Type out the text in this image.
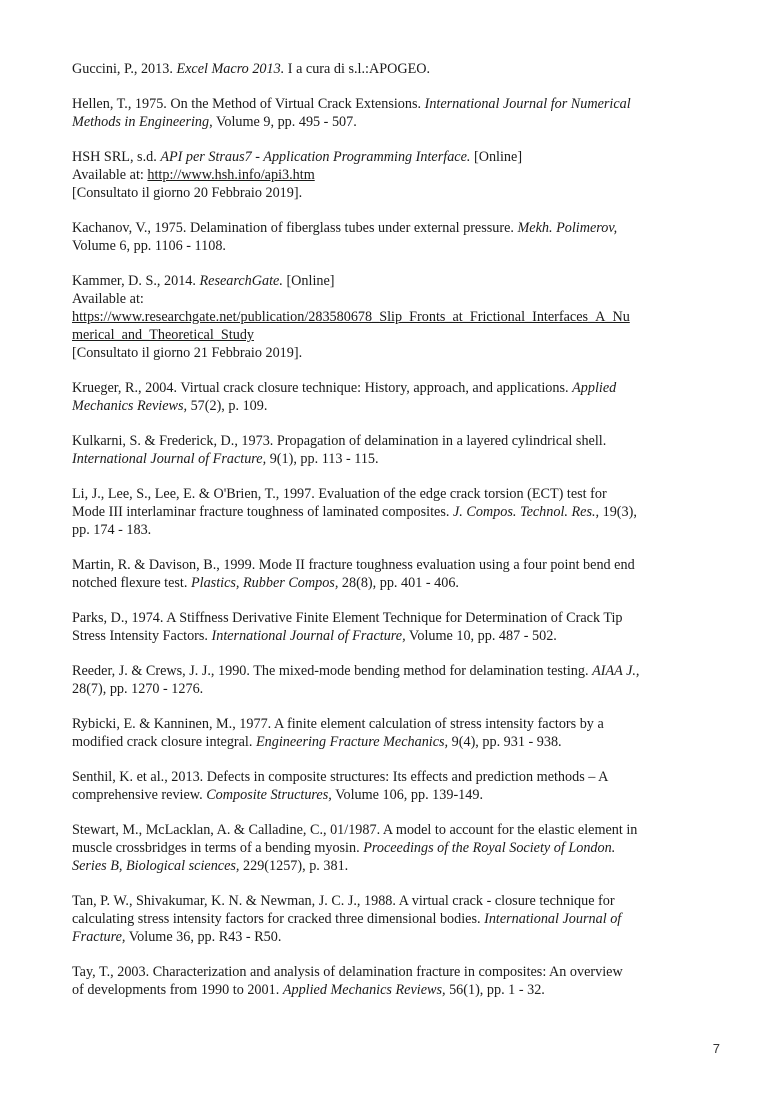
Guccini, P., 2013. Excel Macro 2013. I a cura di s.l.:APOGEO.
Hellen, T., 1975. On the Method of Virtual Crack Extensions. International Journal for Numerical
Methods in Engineering, Volume 9, pp. 495 - 507.
HSH SRL, s.d. API per Straus7 - Application Programming Interface. [Online]
Available at: http://www.hsh.info/api3.htm
[Consultato il giorno 20 Febbraio 2019].
Kachanov, V., 1975. Delamination of fiberglass tubes under external pressure. Mekh. Polimerov,
Volume 6, pp. 1106 - 1108.
Kammer, D. S., 2014. ResearchGate. [Online]
Available at:
https://www.researchgate.net/publication/283580678_Slip_Fronts_at_Frictional_Interfaces_A_Nu
merical_and_Theoretical_Study
[Consultato il giorno 21 Febbraio 2019].
Krueger, R., 2004. Virtual crack closure technique: History, approach, and applications. Applied
Mechanics Reviews, 57(2), p. 109.
Kulkarni, S. & Frederick, D., 1973. Propagation of delamination in a layered cylindrical shell.
International Journal of Fracture, 9(1), pp. 113 - 115.
Li, J., Lee, S., Lee, E. & O'Brien, T., 1997. Evaluation of the edge crack torsion (ECT) test for
Mode III interlaminar fracture toughness of laminated composites. J. Compos. Technol. Res., 19(3),
pp. 174 - 183.
Martin, R. & Davison, B., 1999. Mode II fracture toughness evaluation using a four point bend end
notched flexure test. Plastics, Rubber Compos, 28(8), pp. 401 - 406.
Parks, D., 1974. A Stiffness Derivative Finite Element Technique for Determination of Crack Tip
Stress Intensity Factors. International Journal of Fracture, Volume 10, pp. 487 - 502.
Reeder, J. & Crews, J. J., 1990. The mixed-mode bending method for delamination testing. AIAA J.,
28(7), pp. 1270 - 1276.
Rybicki, E. & Kanninen, M., 1977. A finite element calculation of stress intensity factors by a
modified crack closure integral. Engineering Fracture Mechanics, 9(4), pp. 931 - 938.
Senthil, K. et al., 2013. Defects in composite structures: Its effects and prediction methods – A
comprehensive review. Composite Structures, Volume 106, pp. 139-149.
Stewart, M., McLacklan, A. & Calladine, C., 01/1987. A model to account for the elastic element in
muscle crossbridges in terms of a bending myosin. Proceedings of the Royal Society of London.
Series B, Biological sciences, 229(1257), p. 381.
Tan, P. W., Shivakumar, K. N. & Newman, J. C. J., 1988. A virtual crack - closure technique for
calculating stress intensity factors for cracked three dimensional bodies. International Journal of
Fracture, Volume 36, pp. R43 - R50.
Tay, T., 2003. Characterization and analysis of delamination fracture in composites: An overview
of developments from 1990 to 2001. Applied Mechanics Reviews, 56(1), pp. 1 - 32.
7
